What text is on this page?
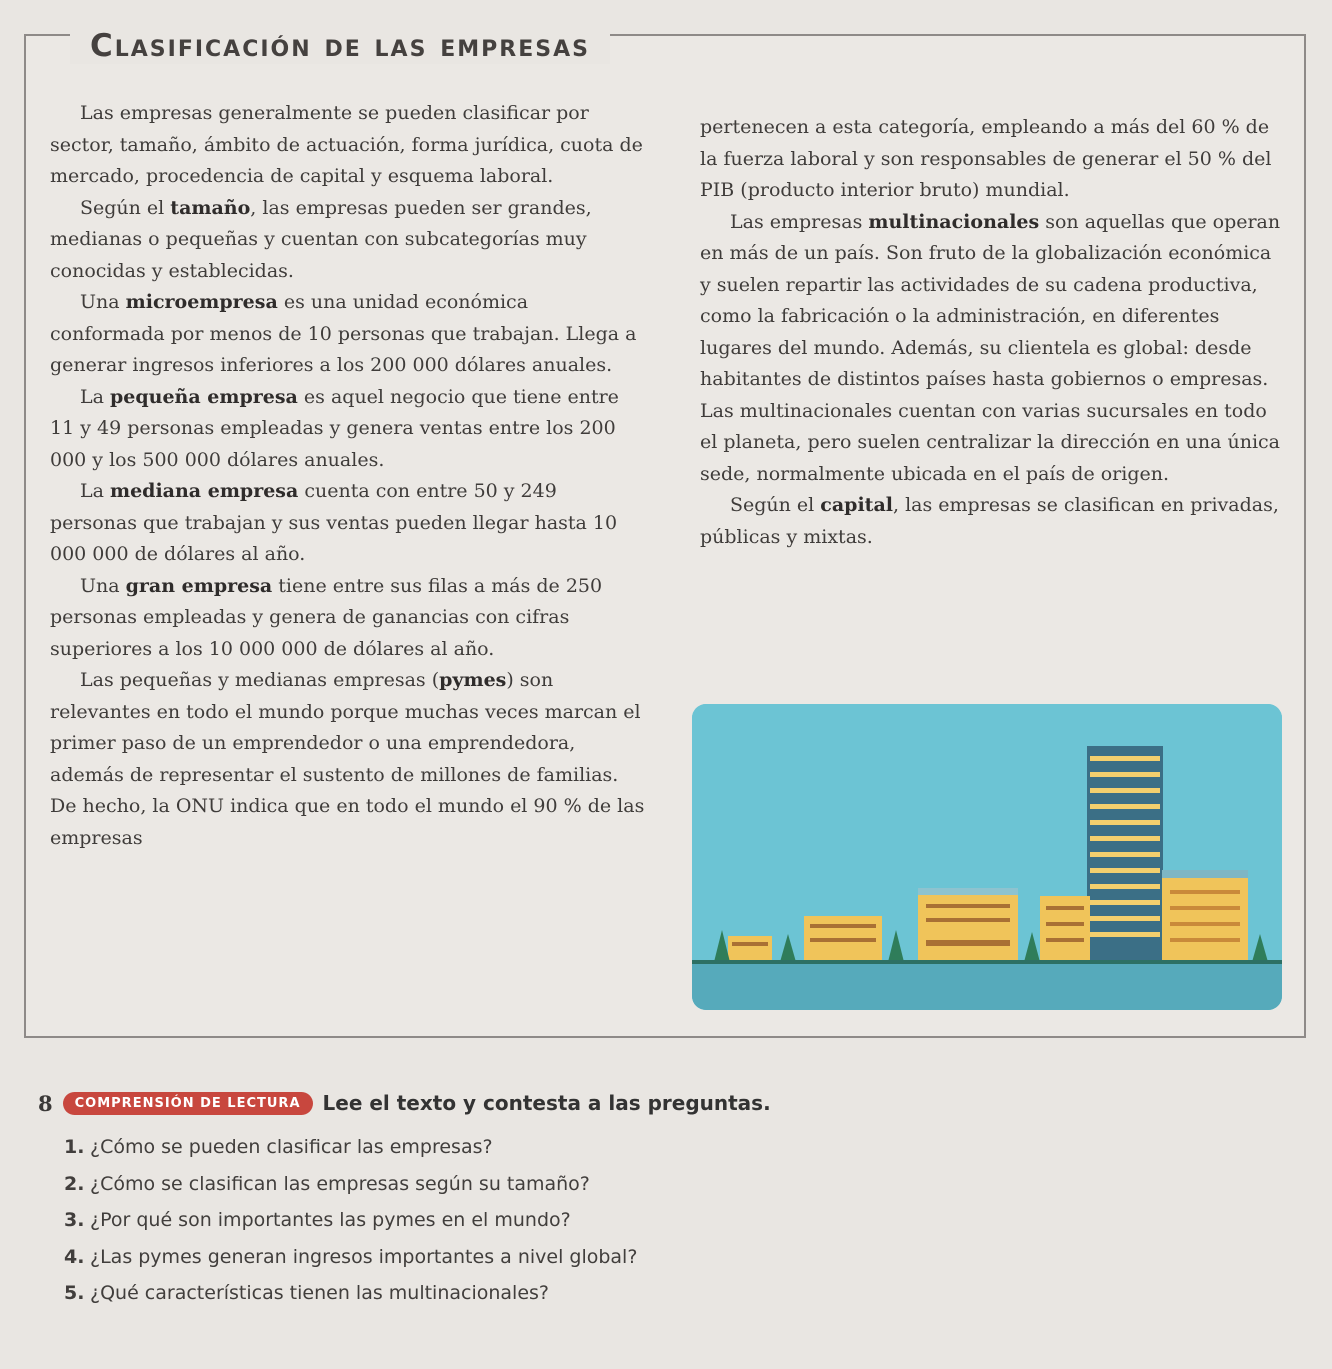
Clasificación de las empresas

Las empresas generalmente se pueden clasificar por sector, tamaño, ámbito de actuación, forma jurídica, cuota de mercado, procedencia de capital y esquema laboral.

Según el tamaño, las empresas pueden ser grandes, medianas o pequeñas y cuentan con subcategorías muy conocidas y establecidas.

Una microempresa es una unidad económica conformada por menos de 10 personas que trabajan. Llega a generar ingresos inferiores a los 200 000 dólares anuales.

La pequeña empresa es aquel negocio que tiene entre 11 y 49 personas empleadas y genera ventas entre los 200 000 y los 500 000 dólares anuales.

La mediana empresa cuenta con entre 50 y 249 personas que trabajan y sus ventas pueden llegar hasta 10 000 000 de dólares al año.

Una gran empresa tiene entre sus filas a más de 250 personas empleadas y genera de ganancias con cifras superiores a los 10 000 000 de dólares al año.

Las pequeñas y medianas empresas (pymes) son relevantes en todo el mundo porque muchas veces marcan el primer paso de un emprendedor o una emprendedora, además de representar el sustento de millones de familias. De hecho, la ONU indica que en todo el mundo el 90 % de las empresas

pertenecen a esta categoría, empleando a más del 60 % de la fuerza laboral y son responsables de generar el 50 % del PIB (producto interior bruto) mundial.

Las empresas multinacionales son aquellas que operan en más de un país. Son fruto de la globalización económica y suelen repartir las actividades de su cadena productiva, como la fabricación o la administración, en diferentes lugares del mundo. Además, su clientela es global: desde habitantes de distintos países hasta gobiernos o empresas. Las multinacionales cuentan con varias sucursales en todo el planeta, pero suelen centralizar la dirección en una única sede, normalmente ubicada en el país de origen.

Según el capital, las empresas se clasifican en privadas, públicas y mixtas.

8	COMPRENSIÓN DE LECTURA	Lee el texto y contesta a las preguntas.
1. ¿Cómo se pueden clasificar las empresas?
2. ¿Cómo se clasifican las empresas según su tamaño?
3. ¿Por qué son importantes las pymes en el mundo?
4. ¿Las pymes generan ingresos importantes a nivel global?
5. ¿Qué características tienen las multinacionales?
